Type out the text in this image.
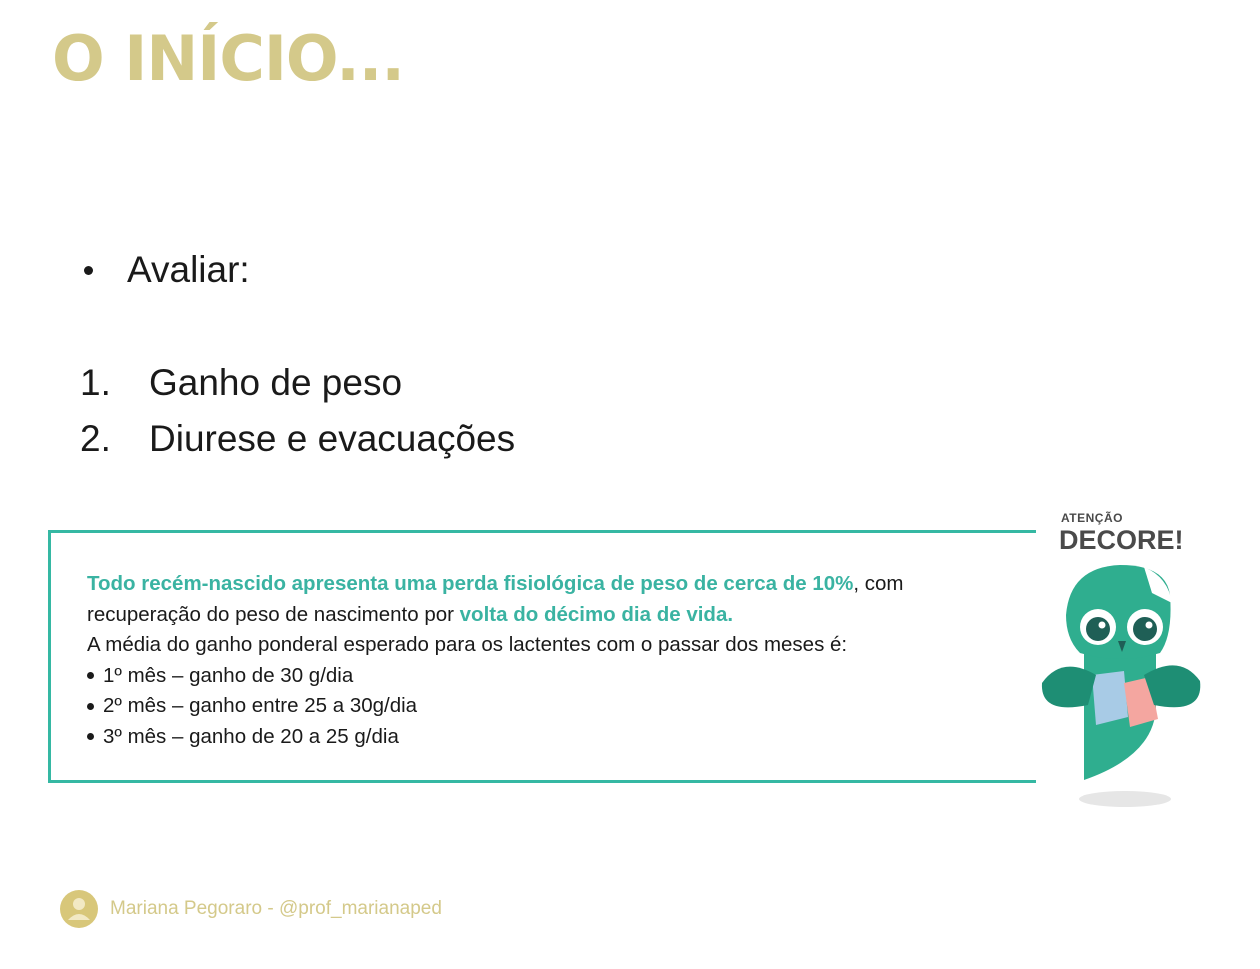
O INÍCIO...
Avaliar:
1.	Ganho de peso
2.	Diurese e evacuações

Todo recém-nascido apresenta uma perda fisiológica de peso de cerca de 10%, com
recuperação do peso de nascimento por volta do décimo dia de vida.
A média do ganho ponderal esperado para os lactentes com o passar dos meses é:

1º mês – ganho de 30 g/dia
2º mês – ganho entre 25 a 30g/dia
3º mês – ganho de 20 a 25 g/dia
ATENÇÃO
DECORE!
Mariana Pegoraro - @prof_marianaped
